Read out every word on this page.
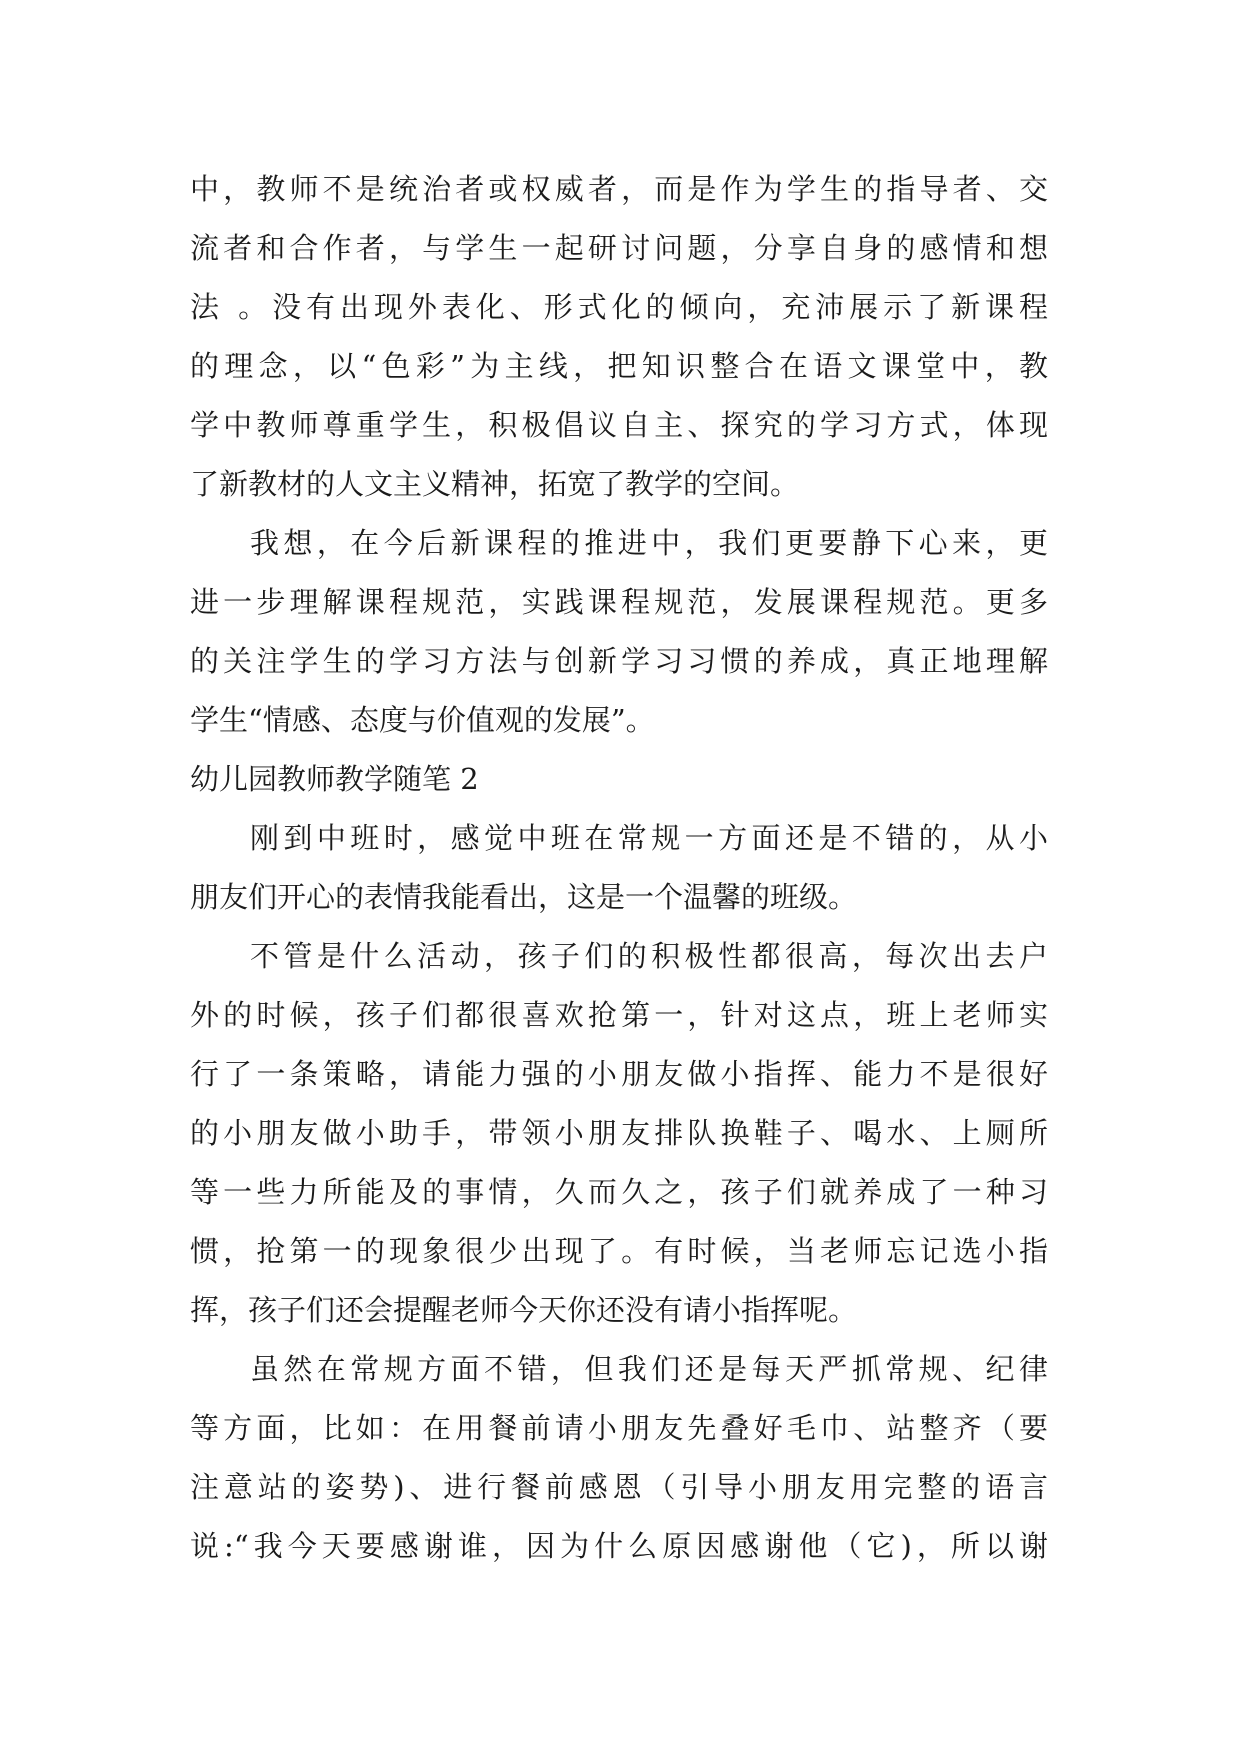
中，教师不是统治者或权威者，而是作为学生的指导者、交
流者和合作者，与学生一起研讨问题，分享自身的感情和想
法 。没有出现外表化、形式化的倾向，充沛展示了新课程
的理念，以“色彩”为主线，把知识整合在语文课堂中，教
学中教师尊重学生，积极倡议自主、探究的学习方式，体现
了新教材的人文主义精神，拓宽了教学的空间。
我想，在今后新课程的推进中，我们更要静下心来，更
进一步理解课程规范，实践课程规范，发展课程规范。更多
的关注学生的学习方法与创新学习习惯的养成，真正地理解
学生“情感、态度与价值观的发展”。
幼儿园教师教学随笔 2
刚到中班时，感觉中班在常规一方面还是不错的，从小
朋友们开心的表情我能看出，这是一个温馨的班级。
不管是什么活动，孩子们的积极性都很高，每次出去户
外的时候，孩子们都很喜欢抢第一，针对这点，班上老师实
行了一条策略，请能力强的小朋友做小指挥、能力不是很好
的小朋友做小助手，带领小朋友排队换鞋子、喝水、上厕所
等一些力所能及的事情，久而久之，孩子们就养成了一种习
惯，抢第一的现象很少出现了。有时候，当老师忘记选小指
挥，孩子们还会提醒老师今天你还没有请小指挥呢。
虽然在常规方面不错，但我们还是每天严抓常规、纪律
等方面，比如：在用餐前请小朋友先叠好毛巾、站整齐（要
注意站的姿势)、进行餐前感恩（引导小朋友用完整的语言
说:“我今天要感谢谁，因为什么原因感谢他（它)，所以谢
